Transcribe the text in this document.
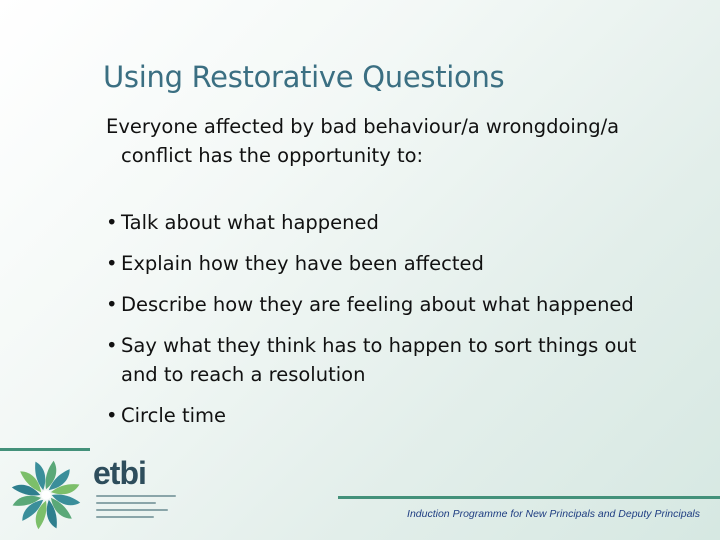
Using Restorative Questions
Everyone affected by bad behaviour/a wrongdoing/a
conflict has the opportunity to:
• Talk about what happened
• Explain how they have been affected
• Describe how they are feeling about what happened
• Say what they think has to happen to sort things out
and to reach a resolution
• Circle time
etbi
Induction Programme for New Principals and Deputy Principals
